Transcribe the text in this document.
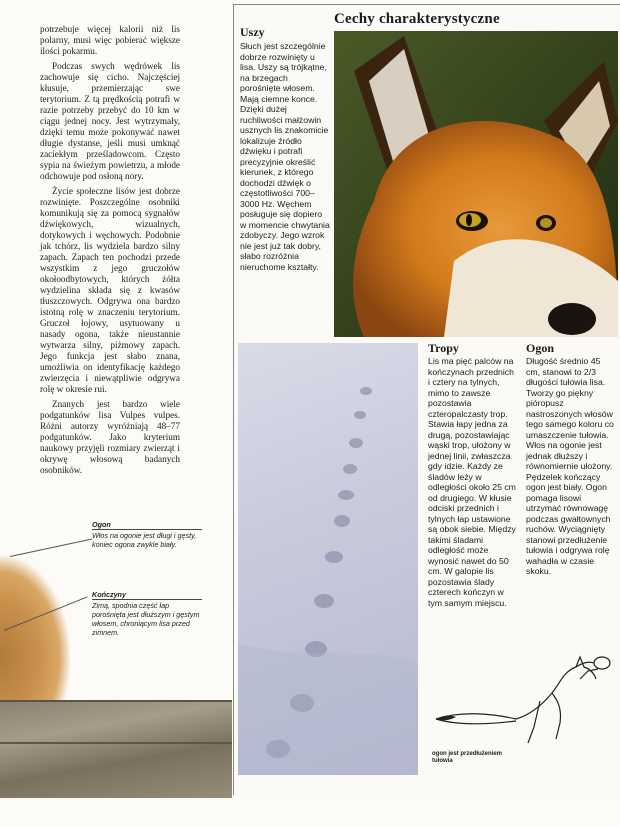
potrzebuje więcej kalorii niż lis polarny, musi więc pobierać większe ilości pokarmu.

Podczas swych wędrówek lis zachowuje się cicho. Najczęściej kłusuje, przemierzając swe terytorium. Z tą prędkością potrafi w razie potrzeby przebyć do 10 km w ciągu jednej nocy. Jest wytrzymały, dzięki temu może pokonywać nawet długie dystanse, jeśli musi umknąć zaciekłym prześladowcom. Często sypia na świeżym powietrzu, a młode odchowuje pod osłoną nory.

Życie społeczne lisów jest dobrze rozwinięte. Poszczególne osobniki komunikują się za pomocą sygnałów dźwiękowych, wizualnych, dotykowych i węchowych. Podobnie jak tchórz, lis wydziela bardzo silny zapach. Zapach ten pochodzi przede wszystkim z jego gruczołów okołoodbytowych, których żółta wydzielina składa się z kwasów tłuszczowych. Odgrywa ona bardzo istotną rolę w znaczeniu terytorium. Gruczoł łojowy, usytuowany u nasady ogona, także nieustannie wytwarza silny, piżmowy zapach. Jego funkcja jest słabo znana, umożliwia on identyfikację każdego zwierzęcia i niewątpliwie odgrywa rolę w okresie rui.

Znanych jest bardzo wiele podgatunków lisa Vulpes vulpes. Różni autorzy wyróżniają 48–77 podgatunków. Jako kryterium naukowy przyjęli rozmiary zwierząt i okrywę włosową badanych osobników.

Ogon
Włos na ogonie jest długi i gęsty, koniec ogona zwykle biały.
Kończyny
Zimą, spodnia część łap porośnięta jest dłuższym i gęstym włosem, chroniącym lisa przed zimnem.
Cechy charakterystyczne
Uszy
Słuch jest szczególnie dobrze rozwinięty u lisa. Uszy są trójkątne, na brzegach porośnięte włosem. Mają ciemne konce. Dzięki dużej ruchliwości małżowin usznych lis znakomicie lokalizuje źródło dźwięku i potrafi precyzyjnie określić kierunek, z którego dochodzi dźwięk o częstotliwości 700–3000 Hz. Węchem posługuje się dopiero w momencie chwytania zdobyczy. Jego wzrok nie jest już tak dobry, słabo rozróżnia nieruchome kształty.
Tropy
Lis ma pięć palców na kończynach przednich i cztery na tylnych, mimo to zawsze pozostawia czteropalczasty trop. Stawia łapy jedna za drugą, pozostawiając wąski trop, ułożony w jednej linii, zwłaszcza gdy idzie. Każdy ze śladów leży w odległości około 25 cm od drugiego. W kłusie odciski przednich i tylnych łap ustawione są obok siebie. Między takimi śladami odległość może wynosić nawet do 50 cm. W galopie lis pozostawia ślady czterech kończyn w tym samym miejscu.
Ogon
Długość średnio 45 cm, stanowi to 2/3 długości tułowia lisa. Tworzy go piękny pióropusz nastroszonych włosów tego samego koloru co umaszczenie tułowia. Włos na ogonie jest jednak dłuższy i równomiernie ułożony. Pędzelek kończący ogon jest biały. Ogon pomaga lisowi utrzymać równowagę podczas gwałtownych ruchów. Wyciągnięty stanowi przedłużenie tułowia i odgrywa rolę wahadła w czasie skoku.
ogon jest przedłużeniem tułowia
